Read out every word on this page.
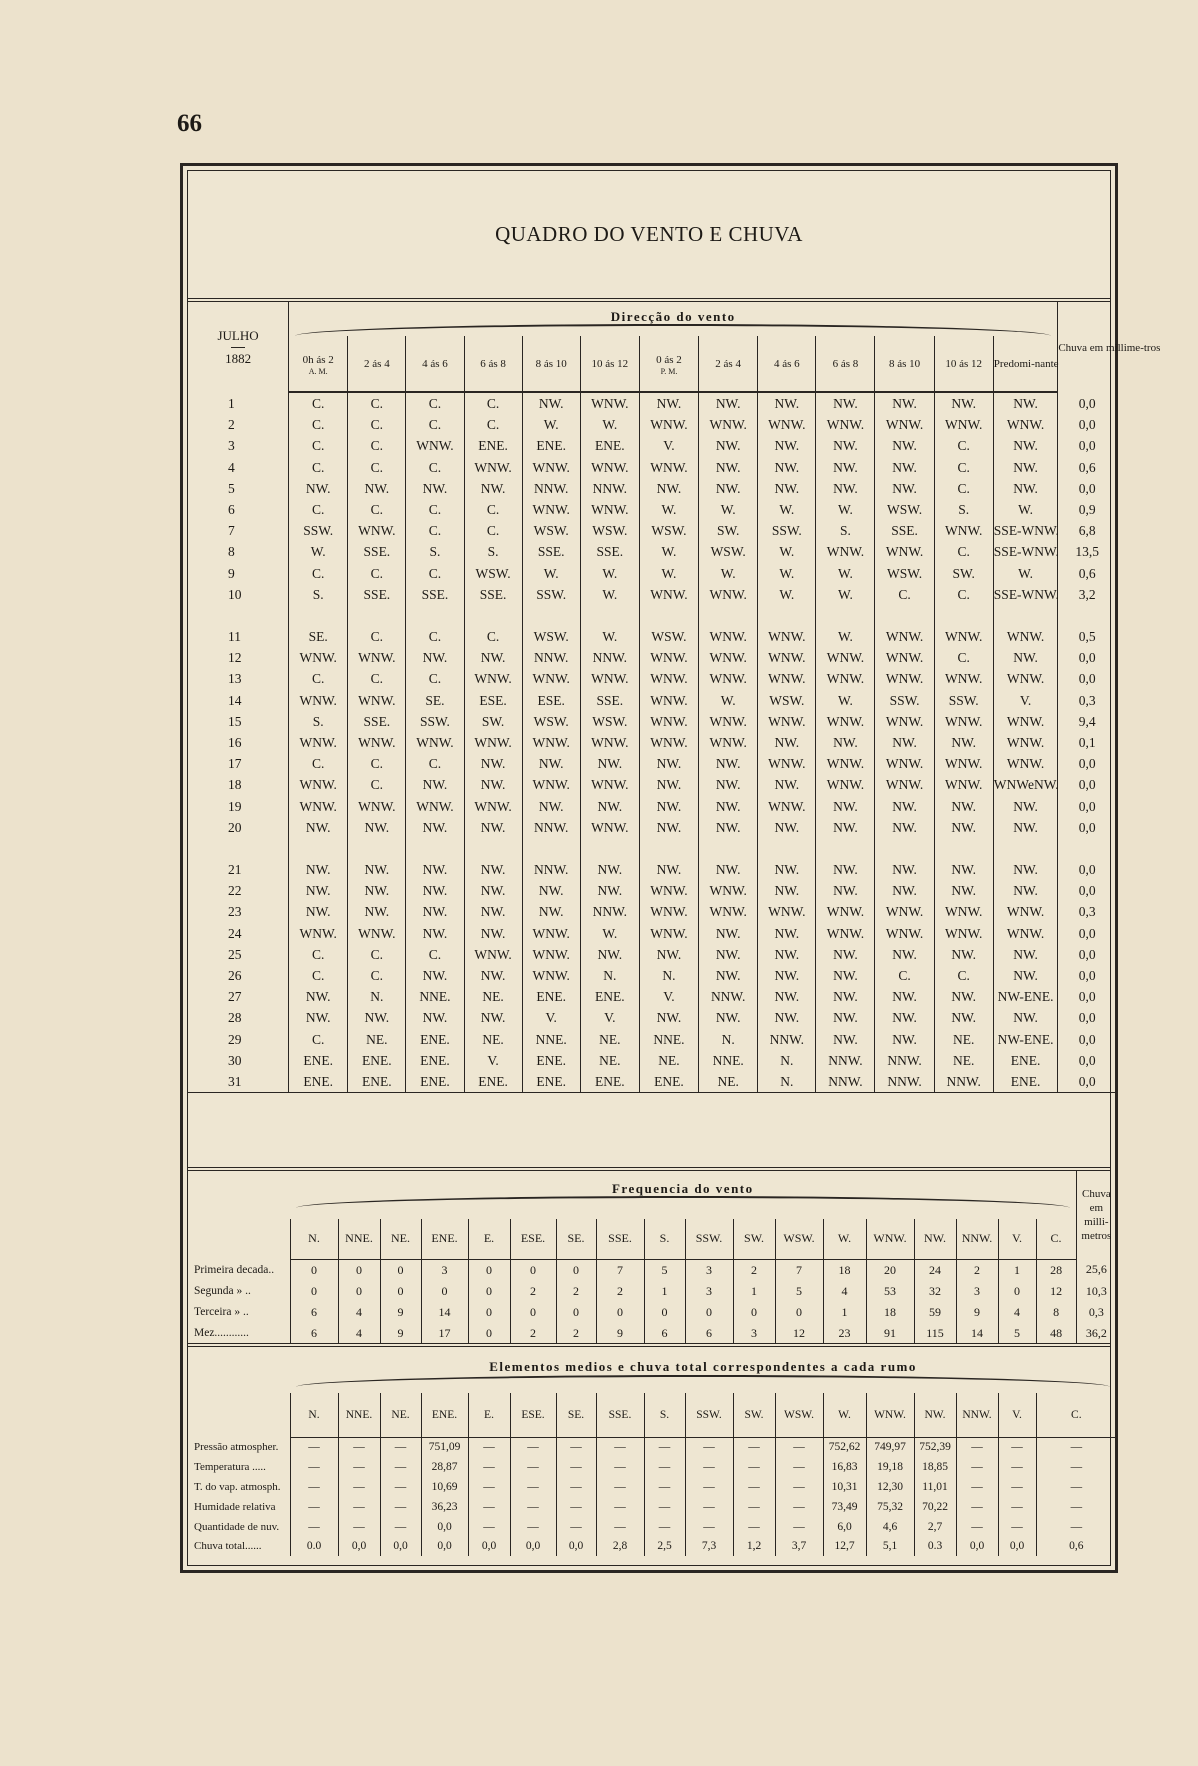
66
QUADRO DO VENTO E CHUVA
JULHO
1882	Direcção do vento													Chuva em millime-tros
	0h ás 2
A. M.	2 ás 4	4 ás 6	6 ás 8	8 ás 10	10 ás 12	0 ás 2
P. M.	2 ás 4	4 ás 6	6 ás 8	8 ás 10	10 ás 12	Predomi-nante	
1	C.	C.	C.	C.	NW.	WNW.	NW.	NW.	NW.	NW.	NW.	NW.	NW.	0,0
2	C.	C.	C.	C.	W.	W.	WNW.	WNW.	WNW.	WNW.	WNW.	WNW.	WNW.	0,0
3	C.	C.	WNW.	ENE.	ENE.	ENE.	V.	NW.	NW.	NW.	NW.	C.	NW.	0,0
4	C.	C.	C.	WNW.	WNW.	WNW.	WNW.	NW.	NW.	NW.	NW.	C.	NW.	0,6
5	NW.	NW.	NW.	NW.	NNW.	NNW.	NW.	NW.	NW.	NW.	NW.	C.	NW.	0,0
6	C.	C.	C.	C.	WNW.	WNW.	W.	W.	W.	W.	WSW.	S.	W.	0,9
7	SSW.	WNW.	C.	C.	WSW.	WSW.	WSW.	SW.	SSW.	S.	SSE.	WNW.	SSE-WNW.	6,8
8	W.	SSE.	S.	S.	SSE.	SSE.	W.	WSW.	W.	WNW.	WNW.	C.	SSE-WNW.	13,5
9	C.	C.	C.	WSW.	W.	W.	W.	W.	W.	W.	WSW.	SW.	W.	0,6
10	S.	SSE.	SSE.	SSE.	SSW.	W.	WNW.	WNW.	W.	W.	C.	C.	SSE-WNW.	3,2

11	SE.	C.	C.	C.	WSW.	W.	WSW.	WNW.	WNW.	W.	WNW.	WNW.	WNW.	0,5
12	WNW.	WNW.	NW.	NW.	NNW.	NNW.	WNW.	WNW.	WNW.	WNW.	WNW.	C.	NW.	0,0
13	C.	C.	C.	WNW.	WNW.	WNW.	WNW.	WNW.	WNW.	WNW.	WNW.	WNW.	WNW.	0,0
14	WNW.	WNW.	SE.	ESE.	ESE.	SSE.	WNW.	W.	WSW.	W.	SSW.	SSW.	V.	0,3
15	S.	SSE.	SSW.	SW.	WSW.	WSW.	WNW.	WNW.	WNW.	WNW.	WNW.	WNW.	WNW.	9,4
16	WNW.	WNW.	WNW.	WNW.	WNW.	WNW.	WNW.	WNW.	NW.	NW.	NW.	NW.	WNW.	0,1
17	C.	C.	C.	NW.	NW.	NW.	NW.	NW.	WNW.	WNW.	WNW.	WNW.	WNW.	0,0
18	WNW.	C.	NW.	NW.	WNW.	WNW.	NW.	NW.	NW.	WNW.	WNW.	WNW.	WNWeNW.	0,0
19	WNW.	WNW.	WNW.	WNW.	NW.	NW.	NW.	NW.	WNW.	NW.	NW.	NW.	NW.	0,0
20	NW.	NW.	NW.	NW.	NNW.	WNW.	NW.	NW.	NW.	NW.	NW.	NW.	NW.	0,0

21	NW.	NW.	NW.	NW.	NNW.	NW.	NW.	NW.	NW.	NW.	NW.	NW.	NW.	0,0
22	NW.	NW.	NW.	NW.	NW.	NW.	WNW.	WNW.	NW.	NW.	NW.	NW.	NW.	0,0
23	NW.	NW.	NW.	NW.	NW.	NNW.	WNW.	WNW.	WNW.	WNW.	WNW.	WNW.	WNW.	0,3
24	WNW.	WNW.	NW.	NW.	WNW.	W.	WNW.	NW.	NW.	WNW.	WNW.	WNW.	WNW.	0,0
25	C.	C.	C.	WNW.	WNW.	NW.	NW.	NW.	NW.	NW.	NW.	NW.	NW.	0,0
26	C.	C.	NW.	NW.	WNW.	N.	N.	NW.	NW.	NW.	C.	C.	NW.	0,0
27	NW.	N.	NNE.	NE.	ENE.	ENE.	V.	NNW.	NW.	NW.	NW.	NW.	NW-ENE.	0,0
28	NW.	NW.	NW.	NW.	V.	V.	NW.	NW.	NW.	NW.	NW.	NW.	NW.	0,0
29	C.	NE.	ENE.	NE.	NNE.	NE.	NNE.	N.	NNW.	NW.	NW.	NE.	NW-ENE.	0,0
30	ENE.	ENE.	ENE.	V.	ENE.	NE.	NE.	NNE.	N.	NNW.	NNW.	NE.	ENE.	0,0
31	ENE.	ENE.	ENE.	ENE.	ENE.	ENE.	ENE.	NE.	N.	NNW.	NNW.	NNW.	ENE.	0,0
	Frequencia do vento																		Chuva em milli-metros
	N.	NNE.	NE.	ENE.	E.	ESE.	SE.	SSE.	S.	SSW.	SW.	WSW.	W.	WNW.	NW.	NNW.	V.	C.	
Primeira decada..	0	0	0	3	0	0	0	7	5	3	2	7	18	20	24	2	1	28	25,6
Segunda » ..	0	0	0	0	0	2	2	2	1	3	1	5	4	53	32	3	0	12	10,3
Terceira » ..	6	4	9	14	0	0	0	0	0	0	0	0	1	18	59	9	4	8	0,3
Mez............	6	4	9	17	0	2	2	9	6	6	3	12	23	91	115	14	5	48	36,2
	Elementos medios e chuva total correspondentes a cada rumo																	

	N.	NNE.	NE.	ENE.	E.	ESE.	SE.	SSE.	S.	SSW.	SW.	WSW.	W.	WNW.	NW.	NNW.	V.	C.
Pressão atmospher.	—	—	—	751,09	—	—	—	—	—	—	—	—	752,62	749,97	752,39	—	—	—
Temperatura .....	—	—	—	28,87	—	—	—	—	—	—	—	—	16,83	19,18	18,85	—	—	—
T. do vap. atmosph.	—	—	—	10,69	—	—	—	—	—	—	—	—	10,31	12,30	11,01	—	—	—
Humidade relativa	—	—	—	36,23	—	—	—	—	—	—	—	—	73,49	75,32	70,22	—	—	—
Quantidade de nuv.	—	—	—	0,0	—	—	—	—	—	—	—	—	6,0	4,6	2,7	—	—	—
Chuva total......	0.0	0,0	0,0	0,0	0,0	0,0	0,0	2,8	2,5	7,3	1,2	3,7	12,7	5,1	0.3	0,0	0,0	0,6
